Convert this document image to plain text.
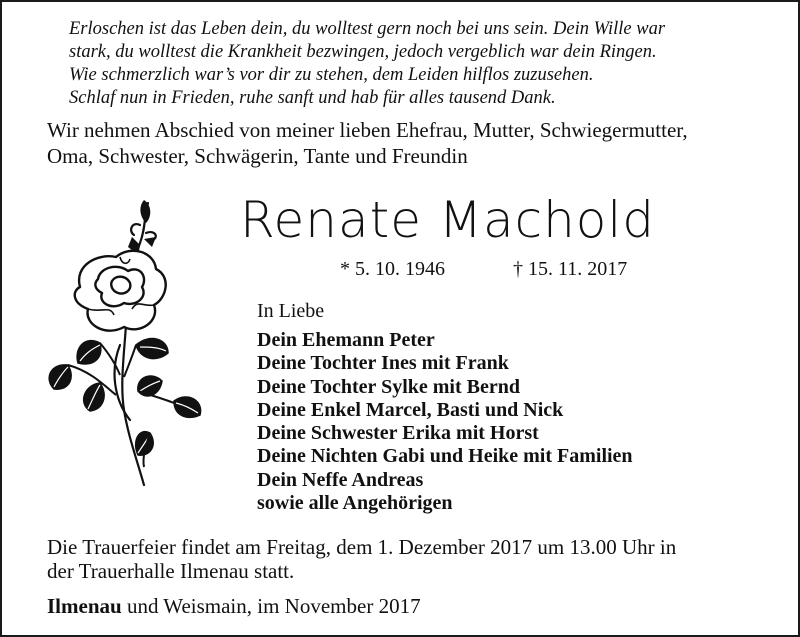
Erloschen ist das Leben dein, du wolltest gern noch bei uns sein. Dein Wille war
stark, du wolltest die Krankheit bezwingen, jedoch vergeblich war dein Ringen.
Wie schmerzlich war’s vor dir zu stehen, dem Leiden hilflos zuzusehen.
Schlaf nun in Frieden, ruhe sanft und hab für alles tausend Dank.
Wir nehmen Abschied von meiner lieben Ehefrau, Mutter, Schwiegermutter,
Oma, Schwester, Schwägerin, Tante und Freundin
Renate Machold
* 5. 10. 1946	† 15. 11. 2017
In Liebe
Dein Ehemann Peter
Deine Tochter Ines mit Frank
Deine Tochter Sylke mit Bernd
Deine Enkel Marcel, Basti und Nick
Deine Schwester Erika mit Horst
Deine Nichten Gabi und Heike mit Familien
Dein Neffe Andreas
sowie alle Angehörigen
Die Trauerfeier findet am Freitag, dem 1. Dezember 2017 um 13.00 Uhr in
der Trauerhalle Ilmenau statt.
Ilmenau und Weismain, im November 2017
